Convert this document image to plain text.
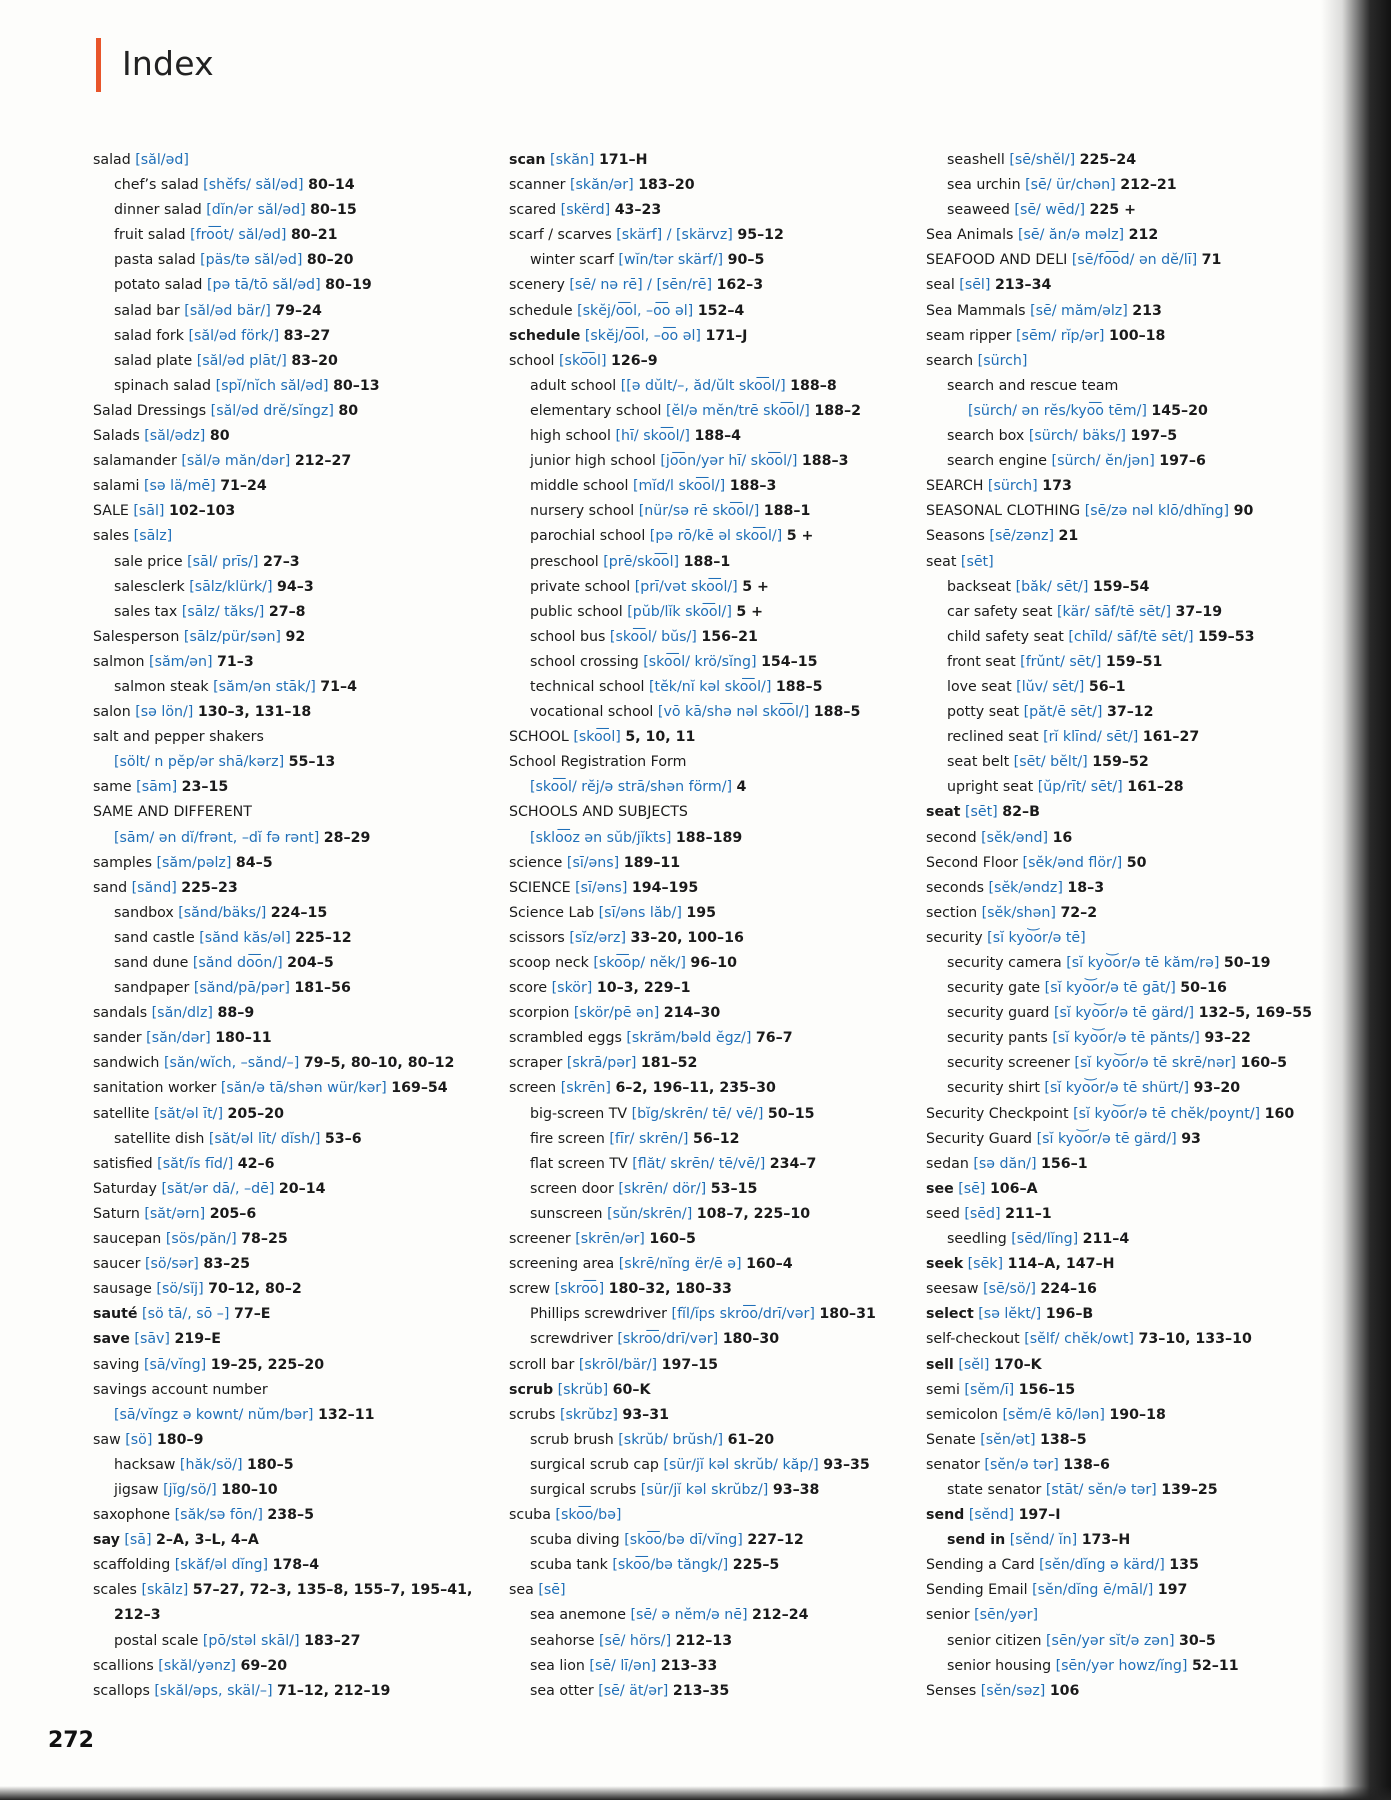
Index
salad [săl/əd]
chef’s salad [shĕfs/ săl/əd] 80–14
dinner salad [dĭn/ər săl/əd] 80–15
fruit salad [fro͞ot/ săl/əd] 80–21
pasta salad [päs/tə săl/əd] 80–20
potato salad [pə tā/tō săl/əd] 80–19
salad bar [săl/əd bär/] 79–24
salad fork [săl/əd förk/] 83–27
salad plate [săl/əd plāt/] 83–20
spinach salad [spĭ/nĭch săl/əd] 80–13
Salad Dressings [săl/əd drĕ/sĭngz] 80
Salads [săl/ədz] 80
salamander [săl/ə măn/dər] 212–27
salami [sə lä/mē] 71–24
SALE [sāl] 102–103
sales [sālz]
sale price [sāl/ prīs/] 27–3
salesclerk [sālz/klürk/] 94–3
sales tax [sālz/ tăks/] 27–8
Salesperson [sālz/pür/sən] 92
salmon [săm/ən] 71–3
salmon steak [săm/ən stāk/] 71–4
salon [sə lön/] 130–3, 131–18
salt and pepper shakers
[sölt/ n pĕp/ər shā/kərz] 55–13
same [sām] 23–15
SAME AND DIFFERENT
[sām/ ən dĭ/frənt, –dĭ fə rənt] 28–29
samples [săm/pəlz] 84–5
sand [sănd] 225–23
sandbox [sănd/bäks/] 224–15
sand castle [sănd kăs/əl] 225–12
sand dune [sănd do͞on/] 204–5
sandpaper [sănd/pā/pər] 181–56
sandals [săn/dlz] 88–9
sander [săn/dər] 180–11
sandwich [săn/wĭch, –sănd/–] 79–5, 80–10, 80–12
sanitation worker [săn/ə tā/shən wür/kər] 169–54
satellite [săt/əl īt/] 205–20
satellite dish [săt/əl līt/ dĭsh/] 53–6
satisfied [săt/ĭs fīd/] 42–6
Saturday [săt/ər dā/, –dē] 20–14
Saturn [săt/ərn] 205–6
saucepan [sös/păn/] 78–25
saucer [sö/sər] 83–25
sausage [sö/sĭj] 70–12, 80–2
sauté [sö tā/, sō –] 77–E
save [sāv] 219–E
saving [sā/vĭng] 19–25, 225–20
savings account number
[sā/vĭngz ə kownt/ nŭm/bər] 132–11
saw [sö] 180–9
hacksaw [hăk/sö/] 180–5
jigsaw [jĭg/sö/] 180–10
saxophone [săk/sə fōn/] 238–5
say [sā] 2–A, 3–L, 4–A
scaffolding [skăf/əl dĭng] 178–4
scales [skālz] 57–27, 72–3, 135–8, 155–7, 195–41,
212–3
postal scale [pō/stəl skāl/] 183–27
scallions [skăl/yənz] 69–20
scallops [skăl/əps, skäl/–] 71–12, 212–19
scan [skăn] 171–H
scanner [skăn/ər] 183–20
scared [skërd] 43–23
scarf / scarves [skärf] / [skärvz] 95–12
winter scarf [wĭn/tər skärf/] 90–5
scenery [sē/ nə rē] / [sēn/rē] 162–3
schedule [skĕj/o͞ol, –o͞o əl] 152–4
schedule [skĕj/o͞ol, –o͞o əl] 171–J
school [sko͞ol] 126–9
adult school [[ə dŭlt/–, ăd/ŭlt sko͞ol/] 188–8
elementary school [ĕl/ə mĕn/trē sko͞ol/] 188–2
high school [hī/ sko͞ol/] 188–4
junior high school [jo͞on/yər hī/ sko͞ol/] 188–3
middle school [mĭd/l sko͞ol/] 188–3
nursery school [nür/sə rē sko͞ol/] 188–1
parochial school [pə rō/kē əl sko͞ol/] 5 +
preschool [prē/sko͞ol] 188–1
private school [prī/vət sko͞ol/] 5 +
public school [pŭb/lĭk sko͞ol/] 5 +
school bus [sko͞ol/ bŭs/] 156–21
school crossing [sko͞ol/ krö/sĭng] 154–15
technical school [tĕk/nĭ kəl sko͞ol/] 188–5
vocational school [vō kā/shə nəl sko͞ol/] 188–5
SCHOOL [sko͞ol] 5, 10, 11
School Registration Form
[sko͞ol/ rĕj/ə strā/shən förm/] 4
SCHOOLS AND SUBJECTS
[sklo͞oz ən sŭb/jĭkts] 188–189
science [sī/əns] 189–11
SCIENCE [sī/əns] 194–195
Science Lab [sī/əns lăb/] 195
scissors [sĭz/ərz] 33–20, 100–16
scoop neck [sko͞op/ nĕk/] 96–10
score [skör] 10–3, 229–1
scorpion [skör/pē ən] 214–30
scrambled eggs [skrăm/bəld ĕgz/] 76–7
scraper [skrā/pər] 181–52
screen [skrēn] 6–2, 196–11, 235–30
big-screen TV [bĭg/skrēn/ tē/ vē/] 50–15
fire screen [fīr/ skrēn/] 56–12
flat screen TV [flăt/ skrēn/ tē/vē/] 234–7
screen door [skrēn/ dör/] 53–15
sunscreen [sŭn/skrēn/] 108–7, 225–10
screener [skrēn/ər] 160–5
screening area [skrē/nĭng ër/ē ə] 160–4
screw [skro͞o] 180–32, 180–33
Phillips screwdriver [fĭl/ĭps skro͞o/drī/vər] 180–31
screwdriver [skro͞o/drī/vər] 180–30
scroll bar [skrōl/bär/] 197–15
scrub [skrŭb] 60–K
scrubs [skrŭbz] 93–31
scrub brush [skrŭb/ brŭsh/] 61–20
surgical scrub cap [sür/jĭ kəl skrŭb/ kăp/] 93–35
surgical scrubs [sür/jĭ kəl skrŭbz/] 93–38
scuba [sko͞o/bə]
scuba diving [sko͞o/bə dī/vĭng] 227–12
scuba tank [sko͞o/bə tăngk/] 225–5
sea [sē]
sea anemone [sē/ ə nĕm/ə nē] 212–24
seahorse [sē/ hörs/] 212–13
sea lion [sē/ lī/ən] 213–33
sea otter [sē/ ät/ər] 213–35
seashell [sē/shĕl/] 225–24
sea urchin [sē/ ür/chən] 212–21
seaweed [sē/ wēd/] 225 +
Sea Animals [sē/ ăn/ə məlz] 212
SEAFOOD AND DELI [sē/fo͞od/ ən dĕ/lī] 71
seal [sēl] 213–34
Sea Mammals [sē/ măm/əlz] 213
seam ripper [sēm/ rĭp/ər] 100–18
search [sürch]
search and rescue team
[sürch/ ən rĕs/kyo͞o tēm/] 145–20
search box [sürch/ bäks/] 197–5
search engine [sürch/ ĕn/jən] 197–6
SEARCH [sürch] 173
SEASONAL CLOTHING [sē/zə nəl klō/dhĭng] 90
Seasons [sē/zənz] 21
seat [sēt]
backseat [băk/ sēt/] 159–54
car safety seat [kär/ sāf/tē sēt/] 37–19
child safety seat [chīld/ sāf/tē sēt/] 159–53
front seat [frŭnt/ sēt/] 159–51
love seat [lŭv/ sēt/] 56–1
potty seat [păt/ē sēt/] 37–12
reclined seat [rĭ klīnd/ sēt/] 161–27
seat belt [sēt/ bĕlt/] 159–52
upright seat [ŭp/rīt/ sēt/] 161–28
seat [sēt] 82–B
second [sĕk/ənd] 16
Second Floor [sĕk/ənd flör/] 50
seconds [sĕk/əndz] 18–3
section [sĕk/shən] 72–2
security [sĭ kyo͝or/ə tē]
security camera [sĭ kyo͝or/ə tē kăm/rə] 50–19
security gate [sĭ kyo͝or/ə tē gāt/] 50–16
security guard [sĭ kyo͝or/ə tē gärd/] 132–5, 169–55
security pants [sĭ kyo͝or/ə tē pănts/] 93–22
security screener [sĭ kyo͝or/ə tē skrē/nər] 160–5
security shirt [sĭ kyo͝or/ə tē shürt/] 93–20
Security Checkpoint [sĭ kyo͝or/ə tē chĕk/poynt/] 160
Security Guard [sĭ kyo͝or/ə tē gärd/] 93
sedan [sə dăn/] 156–1
see [sē] 106–A
seed [sēd] 211–1
seedling [sēd/lĭng] 211–4
seek [sēk] 114–A, 147–H
seesaw [sē/sö/] 224–16
select [sə lĕkt/] 196–B
self-checkout [sĕlf/ chĕk/owt] 73–10, 133–10
sell [sĕl] 170–K
semi [sĕm/ī] 156–15
semicolon [sĕm/ē kō/lən] 190–18
Senate [sĕn/ət] 138–5
senator [sĕn/ə tər] 138–6
state senator [stāt/ sĕn/ə tər] 139–25
send [sĕnd] 197–I
send in [sĕnd/ ĭn] 173–H
Sending a Card [sĕn/dĭng ə kärd/] 135
Sending Email [sĕn/dĭng ē/māl/] 197
senior [sēn/yər]
senior citizen [sēn/yər sĭt/ə zən] 30–5
senior housing [sēn/yər howz/ĭng] 52–11
Senses [sĕn/səz] 106
272
